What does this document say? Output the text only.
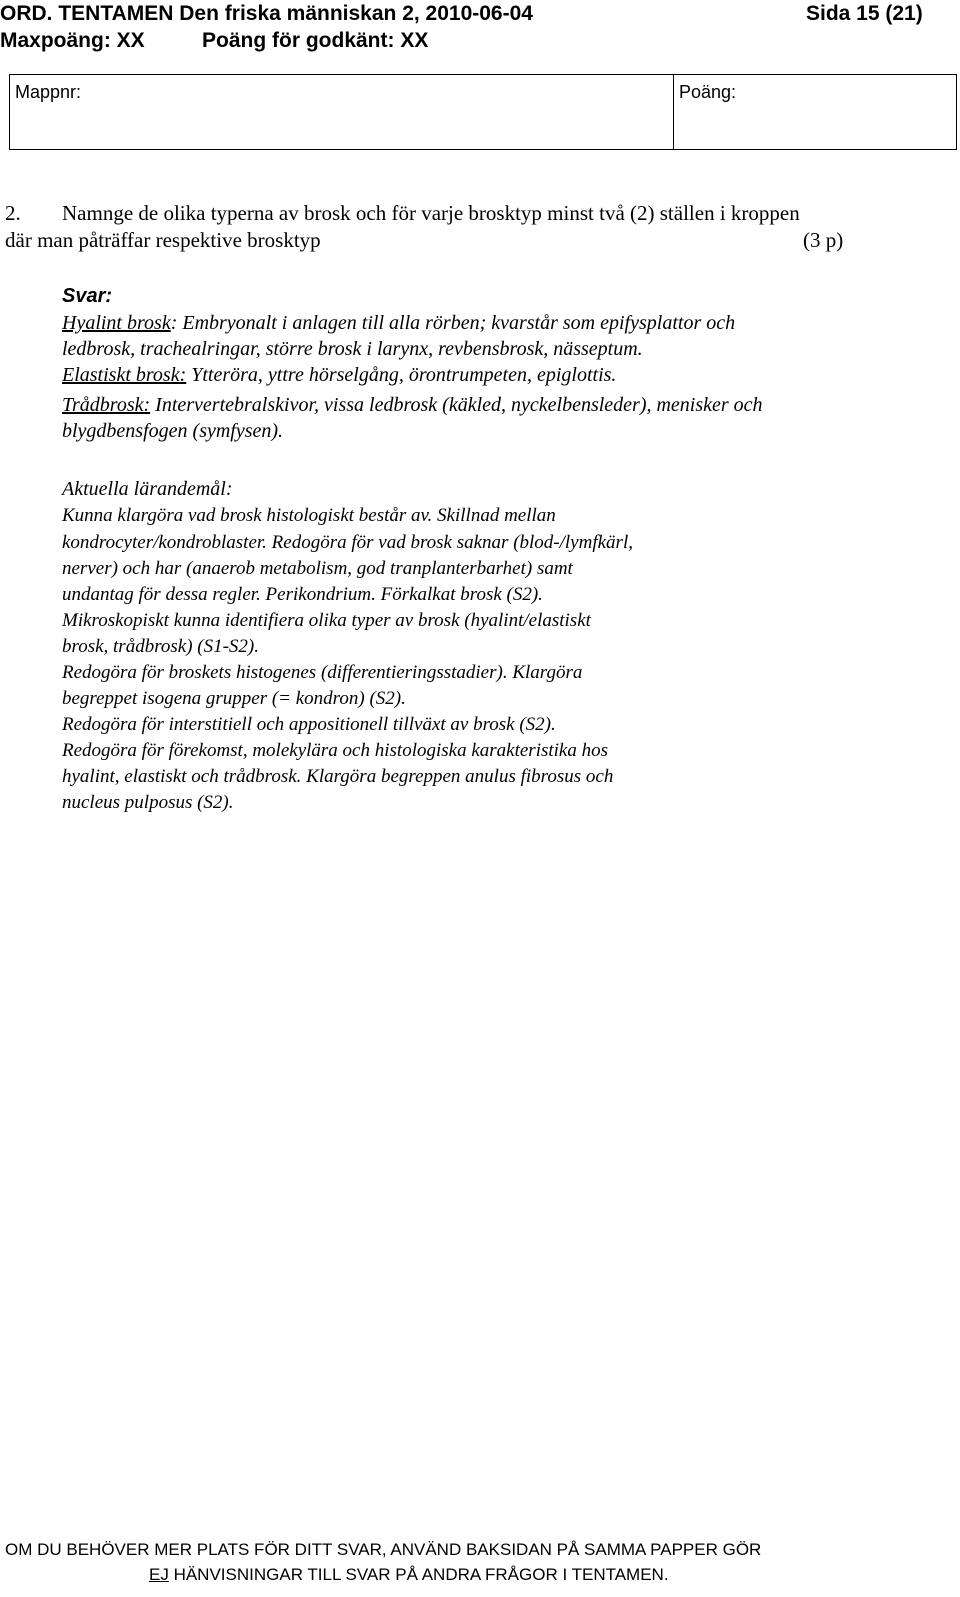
ORD. TENTAMEN Den friska människan 2, 2010-06-04	Sida 15 (21)
Maxpoäng: XX	Poäng för godkänt: XX
Mappnr:	Poäng:
2. Namnge de olika typerna av brosk och för varje brosktyp minst två (2) ställen i kroppen
där man påträffar respektive brosktyp	(3 p)
Svar:
Hyalint brosk: Embryonalt i anlagen till alla rörben; kvarstår som epifysplattor och
ledbrosk, trachealringar, större brosk i larynx, revbensbrosk, nässeptum.
Elastiskt brosk: Ytteröra, yttre hörselgång, örontrumpeten, epiglottis.
Trådbrosk: Intervertebralskivor, vissa ledbrosk (käkled, nyckelbensleder), menisker och
blygdbensfogen (symfysen).
Aktuella lärandemål:
Kunna klargöra vad brosk histologiskt består av. Skillnad mellan
kondrocyter/kondroblaster. Redogöra för vad brosk saknar (blod-/lymfkärl,
nerver) och har (anaerob metabolism, god tranplanterbarhet) samt
undantag för dessa regler. Perikondrium. Förkalkat brosk (S2).
Mikroskopiskt kunna identifiera olika typer av brosk (hyalint/elastiskt
brosk, trådbrosk) (S1-S2).
Redogöra för broskets histogenes (differentieringsstadier). Klargöra
begreppet isogena grupper (= kondron) (S2).
Redogöra för interstitiell och appositionell tillväxt av brosk (S2).
Redogöra för förekomst, molekylära och histologiska karakteristika hos
hyalint, elastiskt och trådbrosk. Klargöra begreppen anulus fibrosus och
nucleus pulposus (S2).
OM DU BEHÖVER MER PLATS FÖR DITT SVAR, ANVÄND BAKSIDAN PÅ SAMMA PAPPER GÖR
EJ HÄNVISNINGAR TILL SVAR PÅ ANDRA FRÅGOR I TENTAMEN.
